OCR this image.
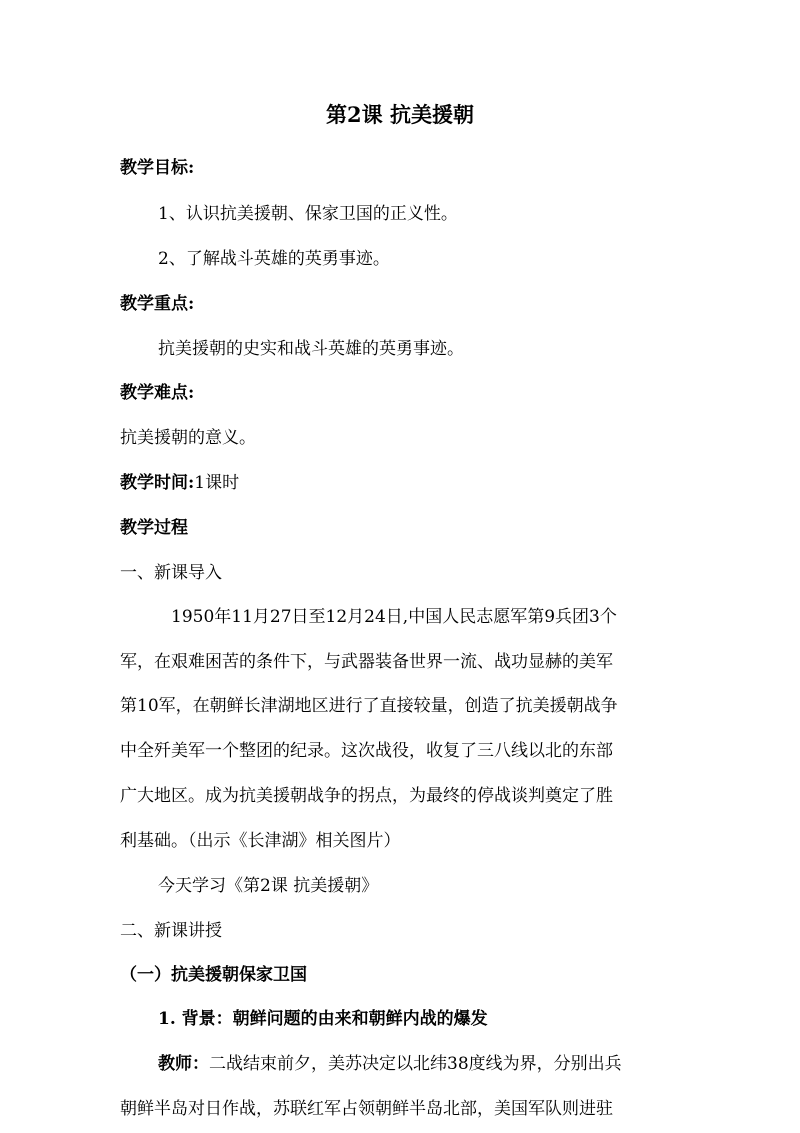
第2课 抗美援朝
教学目标:
1、认识抗美援朝、保家卫国的正义性。
2、了解战斗英雄的英勇事迹。
教学重点:
抗美援朝的史实和战斗英雄的英勇事迹。
教学难点:
抗美援朝的意义。
教学时间:1课时
教学过程
一、新课导入
1950年11月27日至12月24日,中国人民志愿军第9兵团3个
军，在艰难困苦的条件下，与武器装备世界一流、战功显赫的美军
第10军，在朝鲜长津湖地区进行了直接较量，创造了抗美援朝战争
中全歼美军一个整团的纪录。这次战役，收复了三八线以北的东部
广大地区。成为抗美援朝战争的拐点，为最终的停战谈判奠定了胜
利基础。（出示《长津湖》相关图片）
今天学习《第2课 抗美援朝》
二、新课讲授
（一）抗美援朝保家卫国
1. 背景：朝鲜问题的由来和朝鲜内战的爆发
教师：二战结束前夕，美苏决定以北纬38度线为界，分别出兵
朝鲜半岛对日作战，苏联红军占领朝鲜半岛北部，美国军队则进驻
